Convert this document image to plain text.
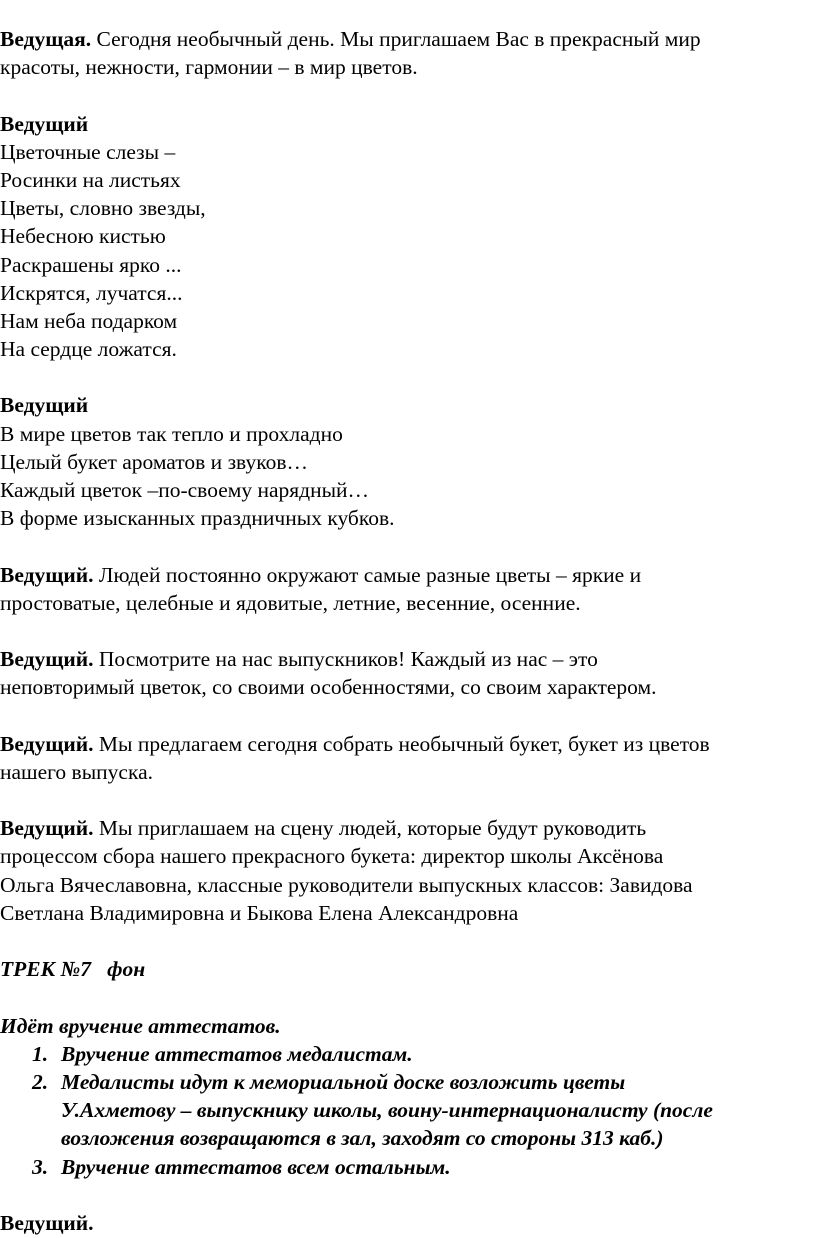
Ведущая. Сегодня необычный день. Мы приглашаем Вас в прекрасный мир
красоты, нежности, гармонии – в мир цветов.
Ведущий
Цветочные слезы –
Росинки на листьях
Цветы, словно звезды,
Небесною кистью
Раскрашены ярко ...
Искрятся, лучатся...
Нам неба подарком
На сердце ложатся.
Ведущий
В мире цветов так тепло и прохладно
Целый букет ароматов и звуков…
Каждый цветок –по-своему нарядный…
В форме изысканных праздничных кубков.
Ведущий. Людей постоянно окружают самые разные цветы – яркие и
простоватые, целебные и ядовитые, летние, весенние, осенние.
Ведущий. Посмотрите на нас выпускников! Каждый из нас – это
неповторимый цветок, со своими особенностями, со своим характером.
Ведущий. Мы предлагаем сегодня собрать необычный букет, букет из цветов
нашего выпуска.
Ведущий. Мы приглашаем на сцену людей, которые будут руководить
процессом сбора нашего прекрасного букета: директор школы Аксёнова
Ольга Вячеславовна, классные руководители выпускных классов: Завидова
Светлана Владимировна и Быкова Елена Александровна
ТРЕК №7   фон
Идёт вручение аттестатов.
1. Вручение аттестатов медалистам.
2. Медалисты идут к мемориальной доске возложить цветы
У.Ахметову – выпускнику школы, воину-интернационалисту (после
возложения возвращаются в зал, заходят со стороны 313 каб.)
3. Вручение аттестатов всем остальным.
Ведущий.
